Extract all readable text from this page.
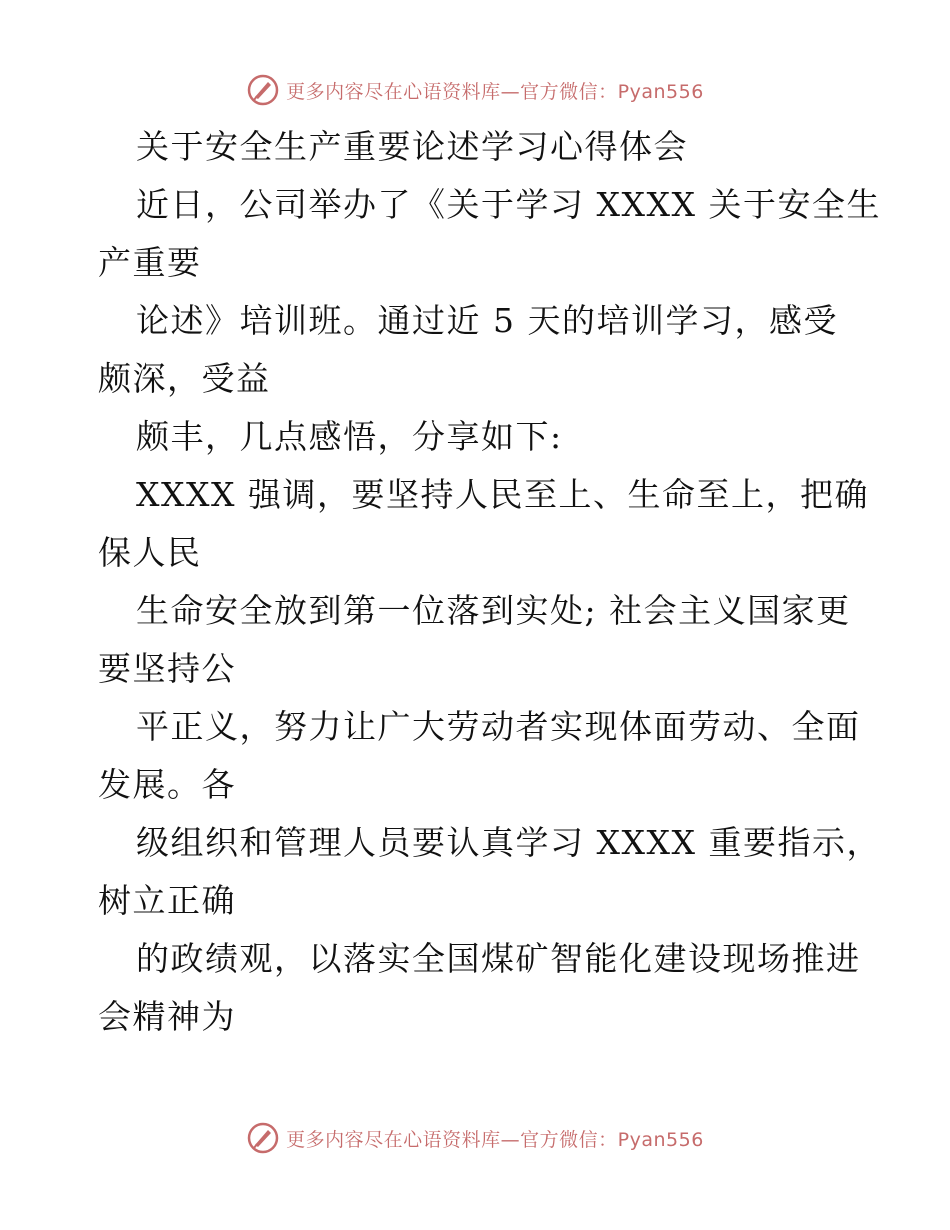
更多内容尽在心语资料库—官方微信：Pyan556
关于安全生产重要论述学习心得体会
近日，公司举办了《关于学习 XXXX 关于安全生
产重要
论述》培训班。通过近 5 天的培训学习，感受
颇深，受益
颇丰，几点感悟，分享如下:
XXXX 强调，要坚持人民至上、生命至上，把确
保人民
生命安全放到第一位落到实处; 社会主义国家更
要坚持公
平正义，努力让广大劳动者实现体面劳动、全面
发展。各
级组织和管理人员要认真学习 XXXX 重要指示，
树立正确
的政绩观，以落实全国煤矿智能化建设现场推进
会精神为
更多内容尽在心语资料库—官方微信：Pyan556
